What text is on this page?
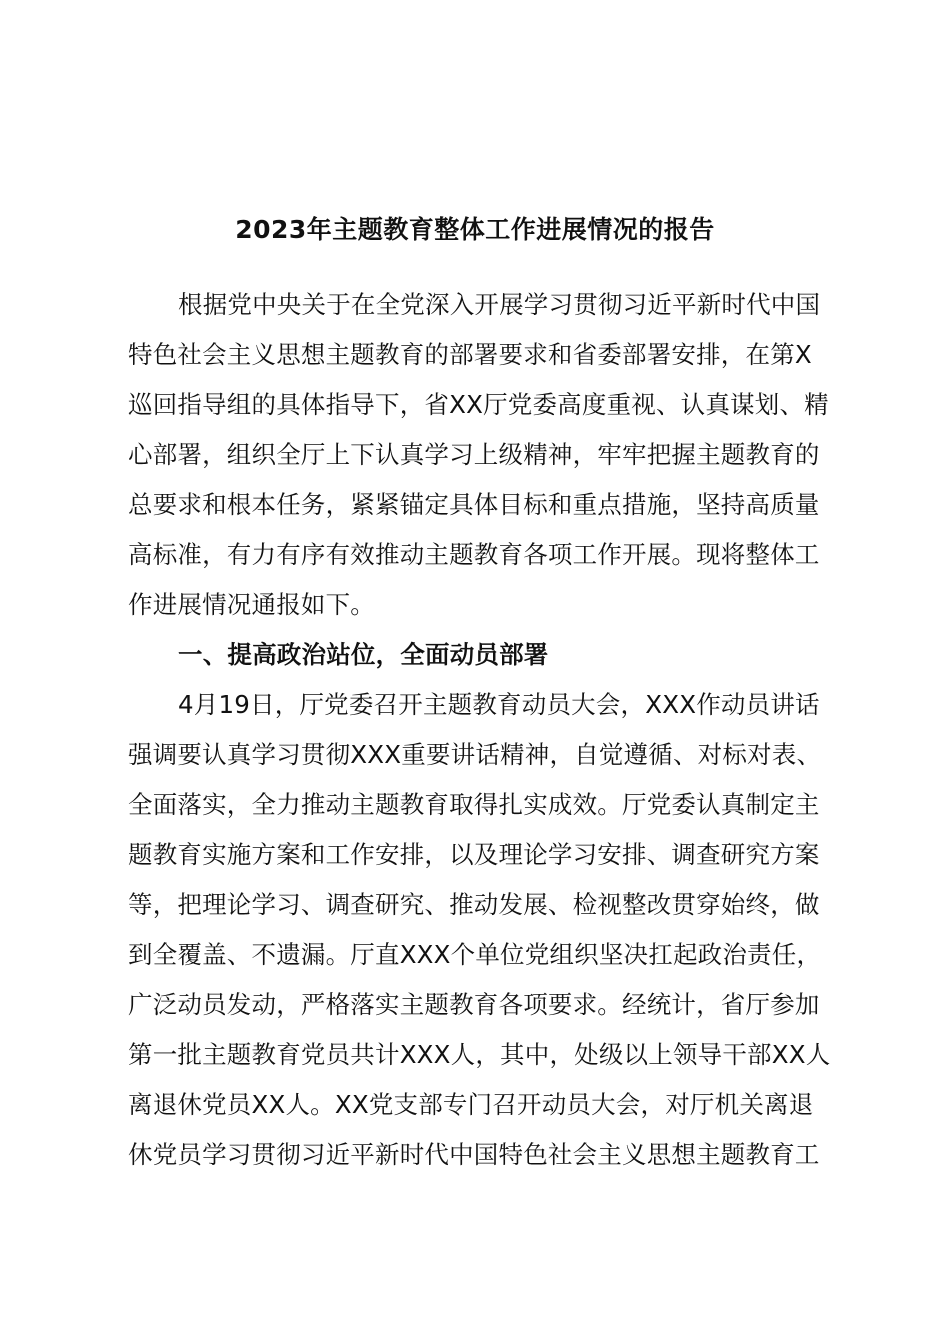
2023年主题教育整体工作进展情况的报告
根据党中央关于在全党深入开展学习贯彻习近平新时代中国
特色社会主义思想主题教育的部署要求和省委部署安排，在第X
巡回指导组的具体指导下，省XX厅党委高度重视、认真谋划、精
心部署，组织全厅上下认真学习上级精神，牢牢把握主题教育的
总要求和根本任务，紧紧锚定具体目标和重点措施，坚持高质量
高标准，有力有序有效推动主题教育各项工作开展。现将整体工
作进展情况通报如下。
一、提高政治站位，全面动员部署
4月19日，厅党委召开主题教育动员大会，XXX作动员讲话
强调要认真学习贯彻XXX重要讲话精神，自觉遵循、对标对表、
全面落实，全力推动主题教育取得扎实成效。厅党委认真制定主
题教育实施方案和工作安排，以及理论学习安排、调查研究方案
等，把理论学习、调查研究、推动发展、检视整改贯穿始终，做
到全覆盖、不遗漏。厅直XXX个单位党组织坚决扛起政治责任，
广泛动员发动，严格落实主题教育各项要求。经统计，省厅参加
第一批主题教育党员共计XXX人，其中，处级以上领导干部XX人
离退休党员XX人。XX党支部专门召开动员大会，对厅机关离退
休党员学习贯彻习近平新时代中国特色社会主义思想主题教育工
